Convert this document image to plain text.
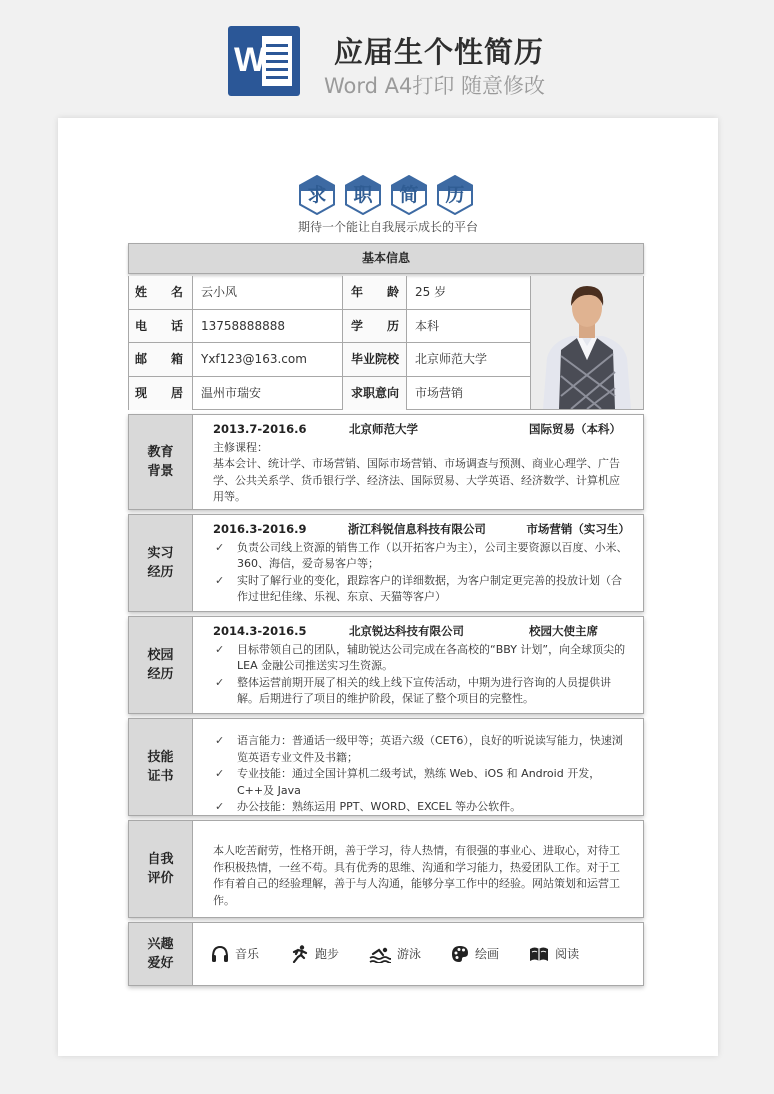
W 应届生个性简历
Word A4打印 随意修改
求	职	简	历
期待一个能让自我展示成长的平台
基本信息
姓　　名	云小风	年　　龄	25 岁
电　　话	13758888888	学　　历	本科
邮　　箱	Yxf123@163.com	毕业院校	北京师范大学
现　　居	温州市瑞安	求职意向	市场营销
教育
背景
2013.7-2016.6	北京师范大学	国际贸易（本科）
主修课程：
基本会计、统计学、市场营销、国际市场营销、市场调查与预测、商业心理学、广告学、公共关系学、货币银行学、经济法、国际贸易、大学英语、经济数学、计算机应用等。
实习
经历
2016.3-2016.9	浙江科锐信息科技有限公司	市场营销（实习生）
✓ 负责公司线上资源的销售工作（以开拓客户为主），公司主要资源以百度、小米、360、海信，爱奇易客户等；
✓ 实时了解行业的变化，跟踪客户的详细数据，为客户制定更完善的投放计划（合作过世纪佳缘、乐视、东京、天猫等客户）
校园
经历
2014.3-2016.5	北京锐达科技有限公司	校园大使主席
✓ 目标带领自己的团队，辅助锐达公司完成在各高校的“BBY 计划”，向全球顶尖的 LEA 金融公司推送实习生资源。
✓ 整体运营前期开展了相关的线上线下宣传活动，中期为进行咨询的人员提供讲解。后期进行了项目的维护阶段，保证了整个项目的完整性。
技能
证书
✓ 语言能力：普通话一级甲等；英语六级（CET6），良好的听说读写能力，快速浏览英语专业文件及书籍；
✓ 专业技能：通过全国计算机二级考试，熟练 Web、iOS 和 Android 开发，C++及 Java
✓ 办公技能：熟练运用 PPT、WORD、EXCEL 等办公软件。
自我
评价
本人吃苦耐劳，性格开朗，善于学习，待人热情，有很强的事业心、进取心，对待工作积极热情，一丝不苟。具有优秀的思维、沟通和学习能力，热爱团队工作。对于工作有着自己的经验理解，善于与人沟通，能够分享工作中的经验。网站策划和运营工作。
兴趣
爱好
音乐	跑步	游泳	绘画	阅读
